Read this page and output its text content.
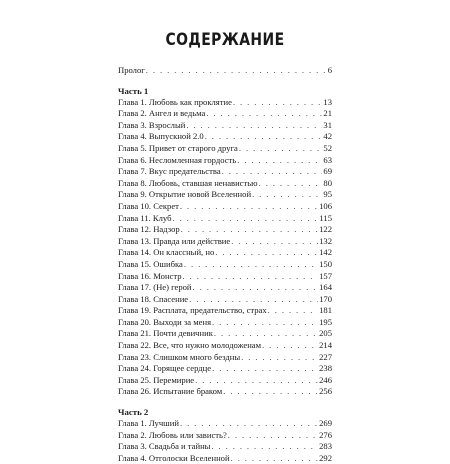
СОДЕРЖАНИЕ
Пролог . . .	6
Часть 1
Глава 1. Любовь как проклятие . . .	13
Глава 2. Ангел и ведьма . . .	21
Глава 3. Взрослый . . .	31
Глава 4. Выпускной 2.0 . . .	42
Глава 5. Привет от старого друга . . .	52
Глава 6. Несломленная гордость . . .	63
Глава 7. Вкус предательства . . .	69
Глава 8. Любовь, ставшая ненавистью . . .	80
Глава 9. Открытие новой Вселенной . . .	95
Глава 10. Секрет . . .	106
Глава 11. Клуб . . .	115
Глава 12. Надзор . . .	122
Глава 13. Правда или действие . . .	132
Глава 14. Он классный, но . . .	142
Глава 15. Ошибка . . .	150
Глава 16. Монстр . . .	157
Глава 17. (Не) герой . . .	164
Глава 18. Спасение . . .	170
Глава 19. Расплата, предательство, страх . . .	181
Глава 20. Выходи за меня . . .	195
Глава 21. Почти девичник . . .	205
Глава 22. Все, что нужно молодоженам . . .	214
Глава 23. Слишком много бездны . . .	227
Глава 24. Горящее сердце . . .	238
Глава 25. Перемирие . . .	246
Глава 26. Испытание браком . . .	256
Часть 2
Глава 1. Лучший . . .	269
Глава 2. Любовь или зависть? . . .	276
Глава 3. Свадьба и тайны . . .	283
Глава 4. Отголоски Вселенной . . .	292
